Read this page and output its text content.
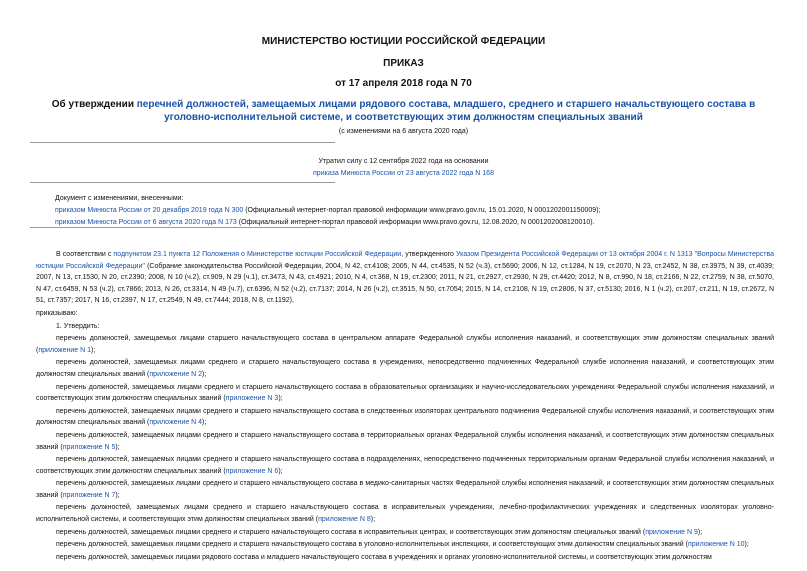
МИНИСТЕРСТВО ЮСТИЦИИ РОССИЙСКОЙ ФЕДЕРАЦИИ
ПРИКАЗ
от 17 апреля 2018 года N 70
Об утверждении перечней должностей, замещаемых лицами рядового состава, младшего, среднего и старшего начальствующего состава в уголовно-исполнительной системе, и соответствующих этим должностям специальных званий
(с изменениями на 6 августа 2020 года)
Утратил силу с 12 сентября 2022 года на основании
приказа Минюста России от 23 августа 2022 года N 168
Документ с изменениями, внесенными:
приказом Минюста России от 20 декабря 2019 года N 300 (Официальный интернет-портал правовой информации www.pravo.gov.ru, 15.01.2020, N 0001202001150009);
приказом Минюста России от 6 августа 2020 года N 173 (Официальный интернет-портал правовой информации www.pravo.gov.ru, 12.08.2020, N 0001202008120010).

В соответствии с подпунктом 23.1 пункта 12 Положения о Министерстве юстиции Российской Федерации, утвержденного Указом Президента Российской Федерации от 13 октября 2004 г. N 1313 "Вопросы Министерства юстиции Российской Федерации" (Собрание законодательства Российской Федерации, 2004, N 42, ст.4108; 2005, N 44, ст.4535, N 52 (ч.3), ст.5690; 2006, N 12, ст.1284, N 19, ст.2070, N 23, ст.2452, N 38, ст.3975, N 39, ст.4039; 2007, N 13, ст.1530, N 20, ст.2390; 2008, N 10 (ч.2), ст.909, N 29 (ч.1), ст.3473, N 43, ст.4921; 2010, N 4, ст.368, N 19, ст.2300; 2011, N 21, ст.2927, ст.2930, N 29, ст.4420; 2012, N 8, ст.990, N 18, ст.2166, N 22, ст.2759, N 38, ст.5070, N 47, ст.6459, N 53 (ч.2), ст.7866; 2013, N 26, ст.3314, N 49 (ч.7), ст.6396, N 52 (ч.2), ст.7137; 2014, N 26 (ч.2), ст.3515, N 50, ст.7054; 2015, N 14, ст.2108, N 19, ст.2806, N 37, ст.5130; 2016, N 1 (ч.2), ст.207, ст.211, N 19, ст.2672, N 51, ст.7357; 2017, N 16, ст.2397, N 17, ст.2549, N 49, ст.7444; 2018, N 8, ст.1192),

приказываю:

1. Утвердить:

перечень должностей, замещаемых лицами старшего начальствующего состава в центральном аппарате Федеральной службы исполнения наказаний, и соответствующих этим должностям специальных званий (приложение N 1);

перечень должностей, замещаемых лицами среднего и старшего начальствующего состава в учреждениях, непосредственно подчиненных Федеральной службе исполнения наказаний, и соответствующих этим должностям специальных званий (приложение N 2);

перечень должностей, замещаемых лицами среднего и старшего начальствующего состава в образовательных организациях и научно-исследовательских учреждениях Федеральной службы исполнения наказаний, и соответствующих этим должностям специальных званий (приложение N 3);

перечень должностей, замещаемых лицами среднего и старшего начальствующего состава в следственных изоляторах центрального подчинения Федеральной службы исполнения наказаний, и соответствующих этим должностям специальных званий (приложение N 4);

перечень должностей, замещаемых лицами среднего и старшего начальствующего состава в территориальных органах Федеральной службы исполнения наказаний, и соответствующих этим должностям специальных званий (приложение N 5);

перечень должностей, замещаемых лицами среднего и старшего начальствующего состава в подразделениях, непосредственно подчиненных территориальным органам Федеральной службы исполнения наказаний, и соответствующих этим должностям специальных званий (приложение N 6);

перечень должностей, замещаемых лицами среднего и старшего начальствующего состава в медико-санитарных частях Федеральной службы исполнения наказаний, и соответствующих этим должностям специальных званий (приложение N 7);

перечень должностей, замещаемых лицами среднего и старшего начальствующего состава в исправительных учреждениях, лечебно-профилактических учреждениях и следственных изоляторах уголовно-исполнительной системы, и соответствующих этим должностям специальных званий (приложение N 8);

перечень должностей, замещаемых лицами среднего и старшего начальствующего состава в исправительных центрах, и соответствующих этим должностям специальных званий (приложение N 9);

перечень должностей, замещаемых лицами среднего и старшего начальствующего состава в уголовно-исполнительных инспекциях, и соответствующих этим должностям специальных званий (приложение N 10);

перечень должностей, замещаемых лицами рядового состава и младшего начальствующего состава в учреждениях и органах уголовно-исполнительной системы, и соответствующих этим должностям
